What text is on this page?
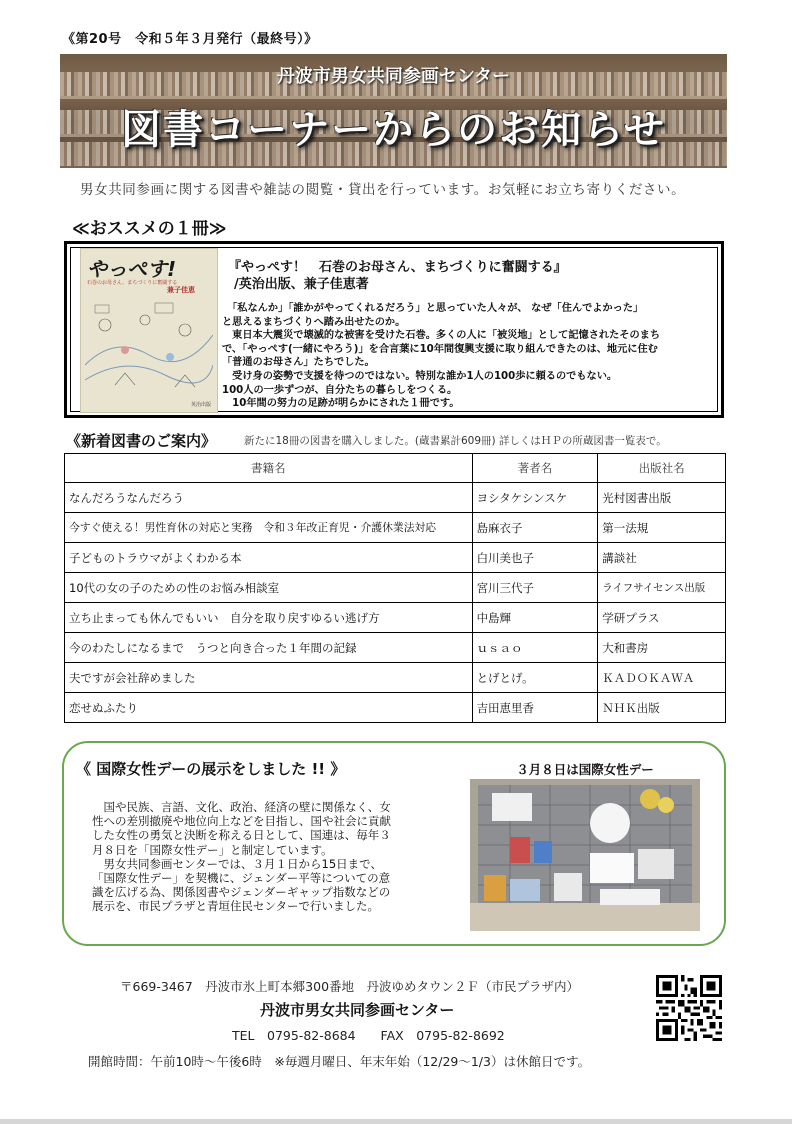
《第20号　令和５年３月発行（最終号）》
丹波市男女共同参画センター
図書コーナーからのお知らせ
男女共同参画に関する図書や雑誌の閲覧・貸出を行っています。お気軽にお立ち寄りください。
≪おススメの１冊≫
やっぺす!
石巻のお母さん、まちづくりに奮闘する
兼子佳恵
英治出版
『やっぺす！　石巻のお母さん、まちづくりに奮闘する』
/英治出版、兼子佳恵著
　「私なんか」「誰かがやってくれるだろう」と思っていた人々が、 なぜ「住んでよかった」
と思えるまちづくりへ踏み出せたのか。
　東日本大震災で壊滅的な被害を受けた石巻。多くの人に「被災地」として記憶されたそのまち
で、「やっぺす(一緒にやろう)」を合言葉に10年間復興支援に取り組んできたのは、地元に住む
「普通のお母さん」たちでした。
　受け身の姿勢で支援を待つのではない。特別な誰か1人の100歩に頼るのでもない。
100人の一歩ずつが、自分たちの暮らしをつくる。
　10年間の努力の足跡が明らかにされた１冊です。
《新着図書のご案内》	新たに18冊の図書を購入しました。(蔵書累計609冊) 詳しくはＨＰの所蔵図書一覧表で。
書籍名	著者名	出版社名
なんだろうなんだろう	ヨシタケシンスケ	光村図書出版
今すぐ使える！男性育休の対応と実務　令和３年改正育児・介護休業法対応	島麻衣子	第一法規
子どものトラウマがよくわかる本	白川美也子	講談社
10代の女の子のための性のお悩み相談室	宮川三代子	ライフサイセンス出版
立ち止まっても休んでもいい　自分を取り戻すゆるい逃げ方	中島輝	学研プラス
今のわたしになるまで　うつと向き合った１年間の記録	ｕｓａｏ	大和書房
夫ですが会社辞めました	とげとげ。	ＫＡＤＯＫＡＷＡ
恋せぬふたり	吉田恵里香	ＮＨＫ出版
《 国際女性デーの展示をしました !! 》	３月８日は国際女性デー
　国や民族、言語、文化、政治、経済の壁に関係なく、女
性への差別撤廃や地位向上などを目指し、国や社会に貢献
した女性の勇気と決断を称える日として、国連は、毎年３
月８日を「国際女性デー」と制定しています。
　男女共同参画センターでは、３月１日から15日まで、
「国際女性デー」を契機に、ジェンダー平等についての意
識を広げる為、関係図書やジェンダーギャップ指数などの
展示を、市民プラザと青垣住民センターで行いました。
〒669-3467　丹波市氷上町本郷300番地　丹波ゆめタウン２Ｆ（市民プラザ内）
丹波市男女共同参画センター
TEL　0795-82-8684　　FAX　0795-82-8692
開館時間：午前10時～午後6時　※毎週月曜日、年末年始（12/29～1/3）は休館日です。
